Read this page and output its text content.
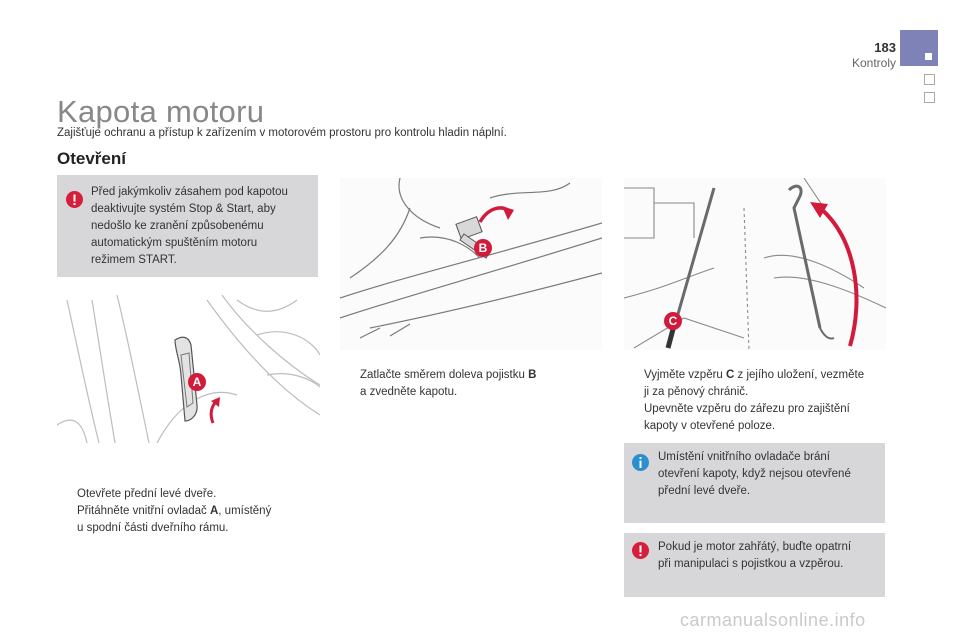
183
Kontroly
Kapota motoru
Zajišťuje ochranu a přístup k zařízením v motorovém prostoru pro kontrolu hladin náplní.
Otevření
Před jakýmkoliv zásahem pod kapotou
deaktivujte systém Stop & Start, aby
nedošlo ke zranění způsobenému
automatickým spuštěním motoru
režimem START.
A
B
C
Otevřete přední levé dveře.
Přitáhněte vnitřní ovladač A, umístěný
u spodní části dveřního rámu.
Zatlačte směrem doleva pojistku B
a zvedněte kapotu.
Vyjměte vzpěru C z jejího uložení, vezměte
ji za pěnový chránič.
Upevněte vzpěru do zářezu pro zajištění
kapoty v otevřené poloze.
Umístění vnitřního ovladače brání
otevření kapoty, když nejsou otevřené
přední levé dveře.
Pokud je motor zahřátý, buďte opatrní
při manipulaci s pojistkou a vzpěrou.
carmanualsonline.info
